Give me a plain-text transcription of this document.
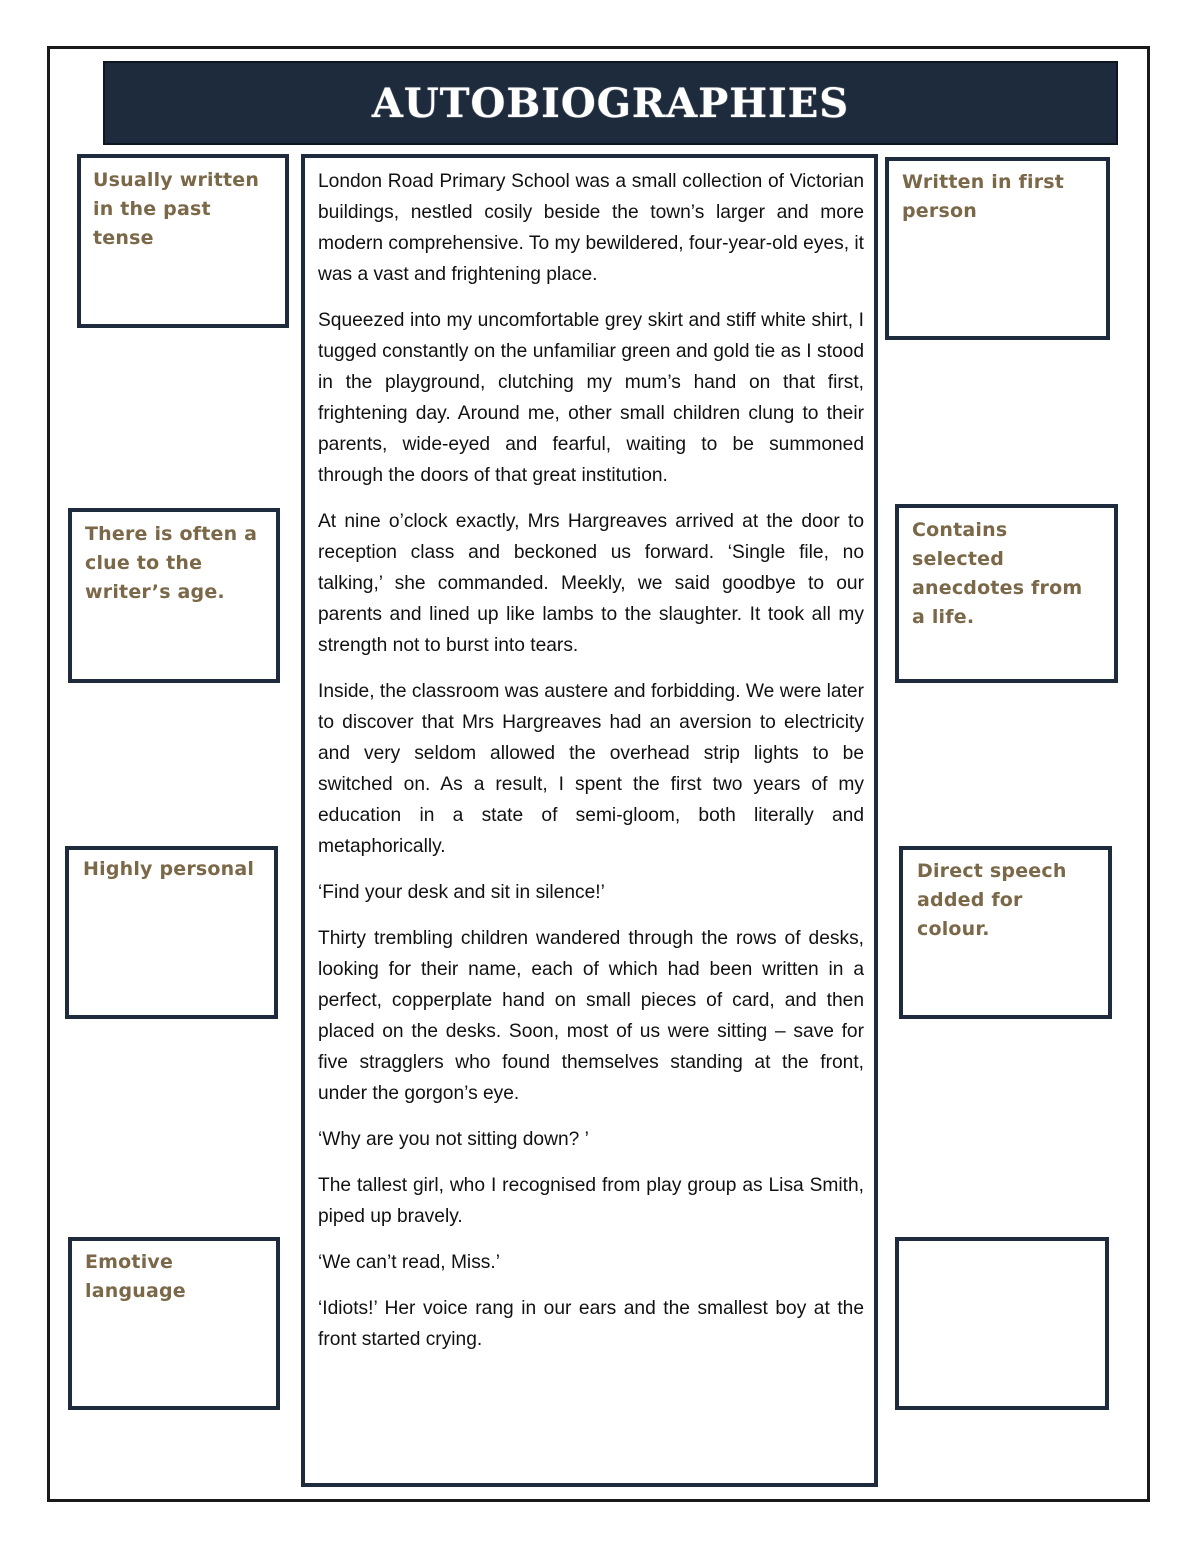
AUTOBIOGRAPHIES
Usually written in the past tense
There is often a clue to the writer’s age.
Highly personal
Emotive language
Written in first person
Contains selected anecdotes from a life.
Direct speech added for colour.

London Road Primary School was a small collection of Victorian buildings, nestled cosily beside the town’s larger and more modern comprehensive. To my bewildered, four-year-old eyes, it was a vast and frightening place.

Squeezed into my uncomfortable grey skirt and stiff white shirt, I tugged constantly on the unfamiliar green and gold tie as I stood in the playground, clutching my mum’s hand on that first, frightening day. Around me, other small children clung to their parents, wide-eyed and fearful, waiting to be summoned through the doors of that great institution.

At nine o’clock exactly, Mrs Hargreaves arrived at the door to reception class and beckoned us forward. ‘Single file, no talking,’ she commanded. Meekly, we said goodbye to our parents and lined up like lambs to the slaughter. It took all my strength not to burst into tears.

Inside, the classroom was austere and forbidding. We were later to discover that Mrs Hargreaves had an aversion to electricity and very seldom allowed the overhead strip lights to be switched on. As a result, I spent the first two years of my education in a state of semi-gloom, both literally and metaphorically.

‘Find your desk and sit in silence!’

Thirty trembling children wandered through the rows of desks, looking for their name, each of which had been written in a perfect, copperplate hand on small pieces of card, and then placed on the desks. Soon, most of us were sitting – save for five stragglers who found themselves standing at the front, under the gorgon’s eye.

‘Why are you not sitting down? ’

The tallest girl, who I recognised from play group as Lisa Smith, piped up bravely.

‘We can’t read, Miss.’

‘Idiots!’ Her voice rang in our ears and the smallest boy at the front started crying.
